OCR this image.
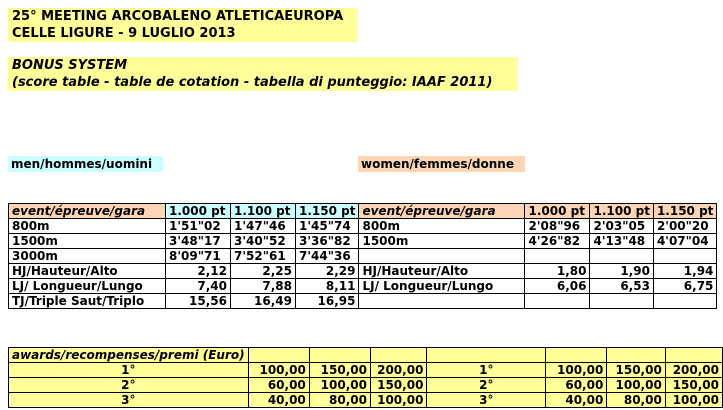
25° MEETING ARCOBALENO ATLETICAEUROPA
CELLE LIGURE - 9 LUGLIO 2013
BONUS SYSTEM
(score table - table de cotation - tabella di punteggio: IAAF 2011)
men/hommes/uomini	women/femmes/donne
event/épreuve/gara	1.000 pt	1.100 pt	1.150 pt	event/épreuve/gara	1.000 pt	1.100 pt	1.150 pt
800m	1'51"02	1'47"46	1'45"74	800m	2'08"96	2'03"05	2'00"20
1500m	3'48"17	3'40"52	3'36"82	1500m	4'26"82	4'13"48	4'07"04
3000m	8'09"71	7'52"61	7'44"36				
HJ/Hauteur/Alto	2,12	2,25	2,29	HJ/Hauteur/Alto	1,80	1,90	1,94
LJ/ Longueur/Lungo	7,40	7,88	8,11	LJ/ Longueur/Lungo	6,06	6,53	6,75
TJ/Triple Saut/Triplo	15,56	16,49	16,95				
awards/recompenses/premi (Euro)							
1°	100,00	150,00	200,00	1°	100,00	150,00	200,00
2°	60,00	100,00	150,00	2°	60,00	100,00	150,00
3°	40,00	80,00	100,00	3°	40,00	80,00	100,00
